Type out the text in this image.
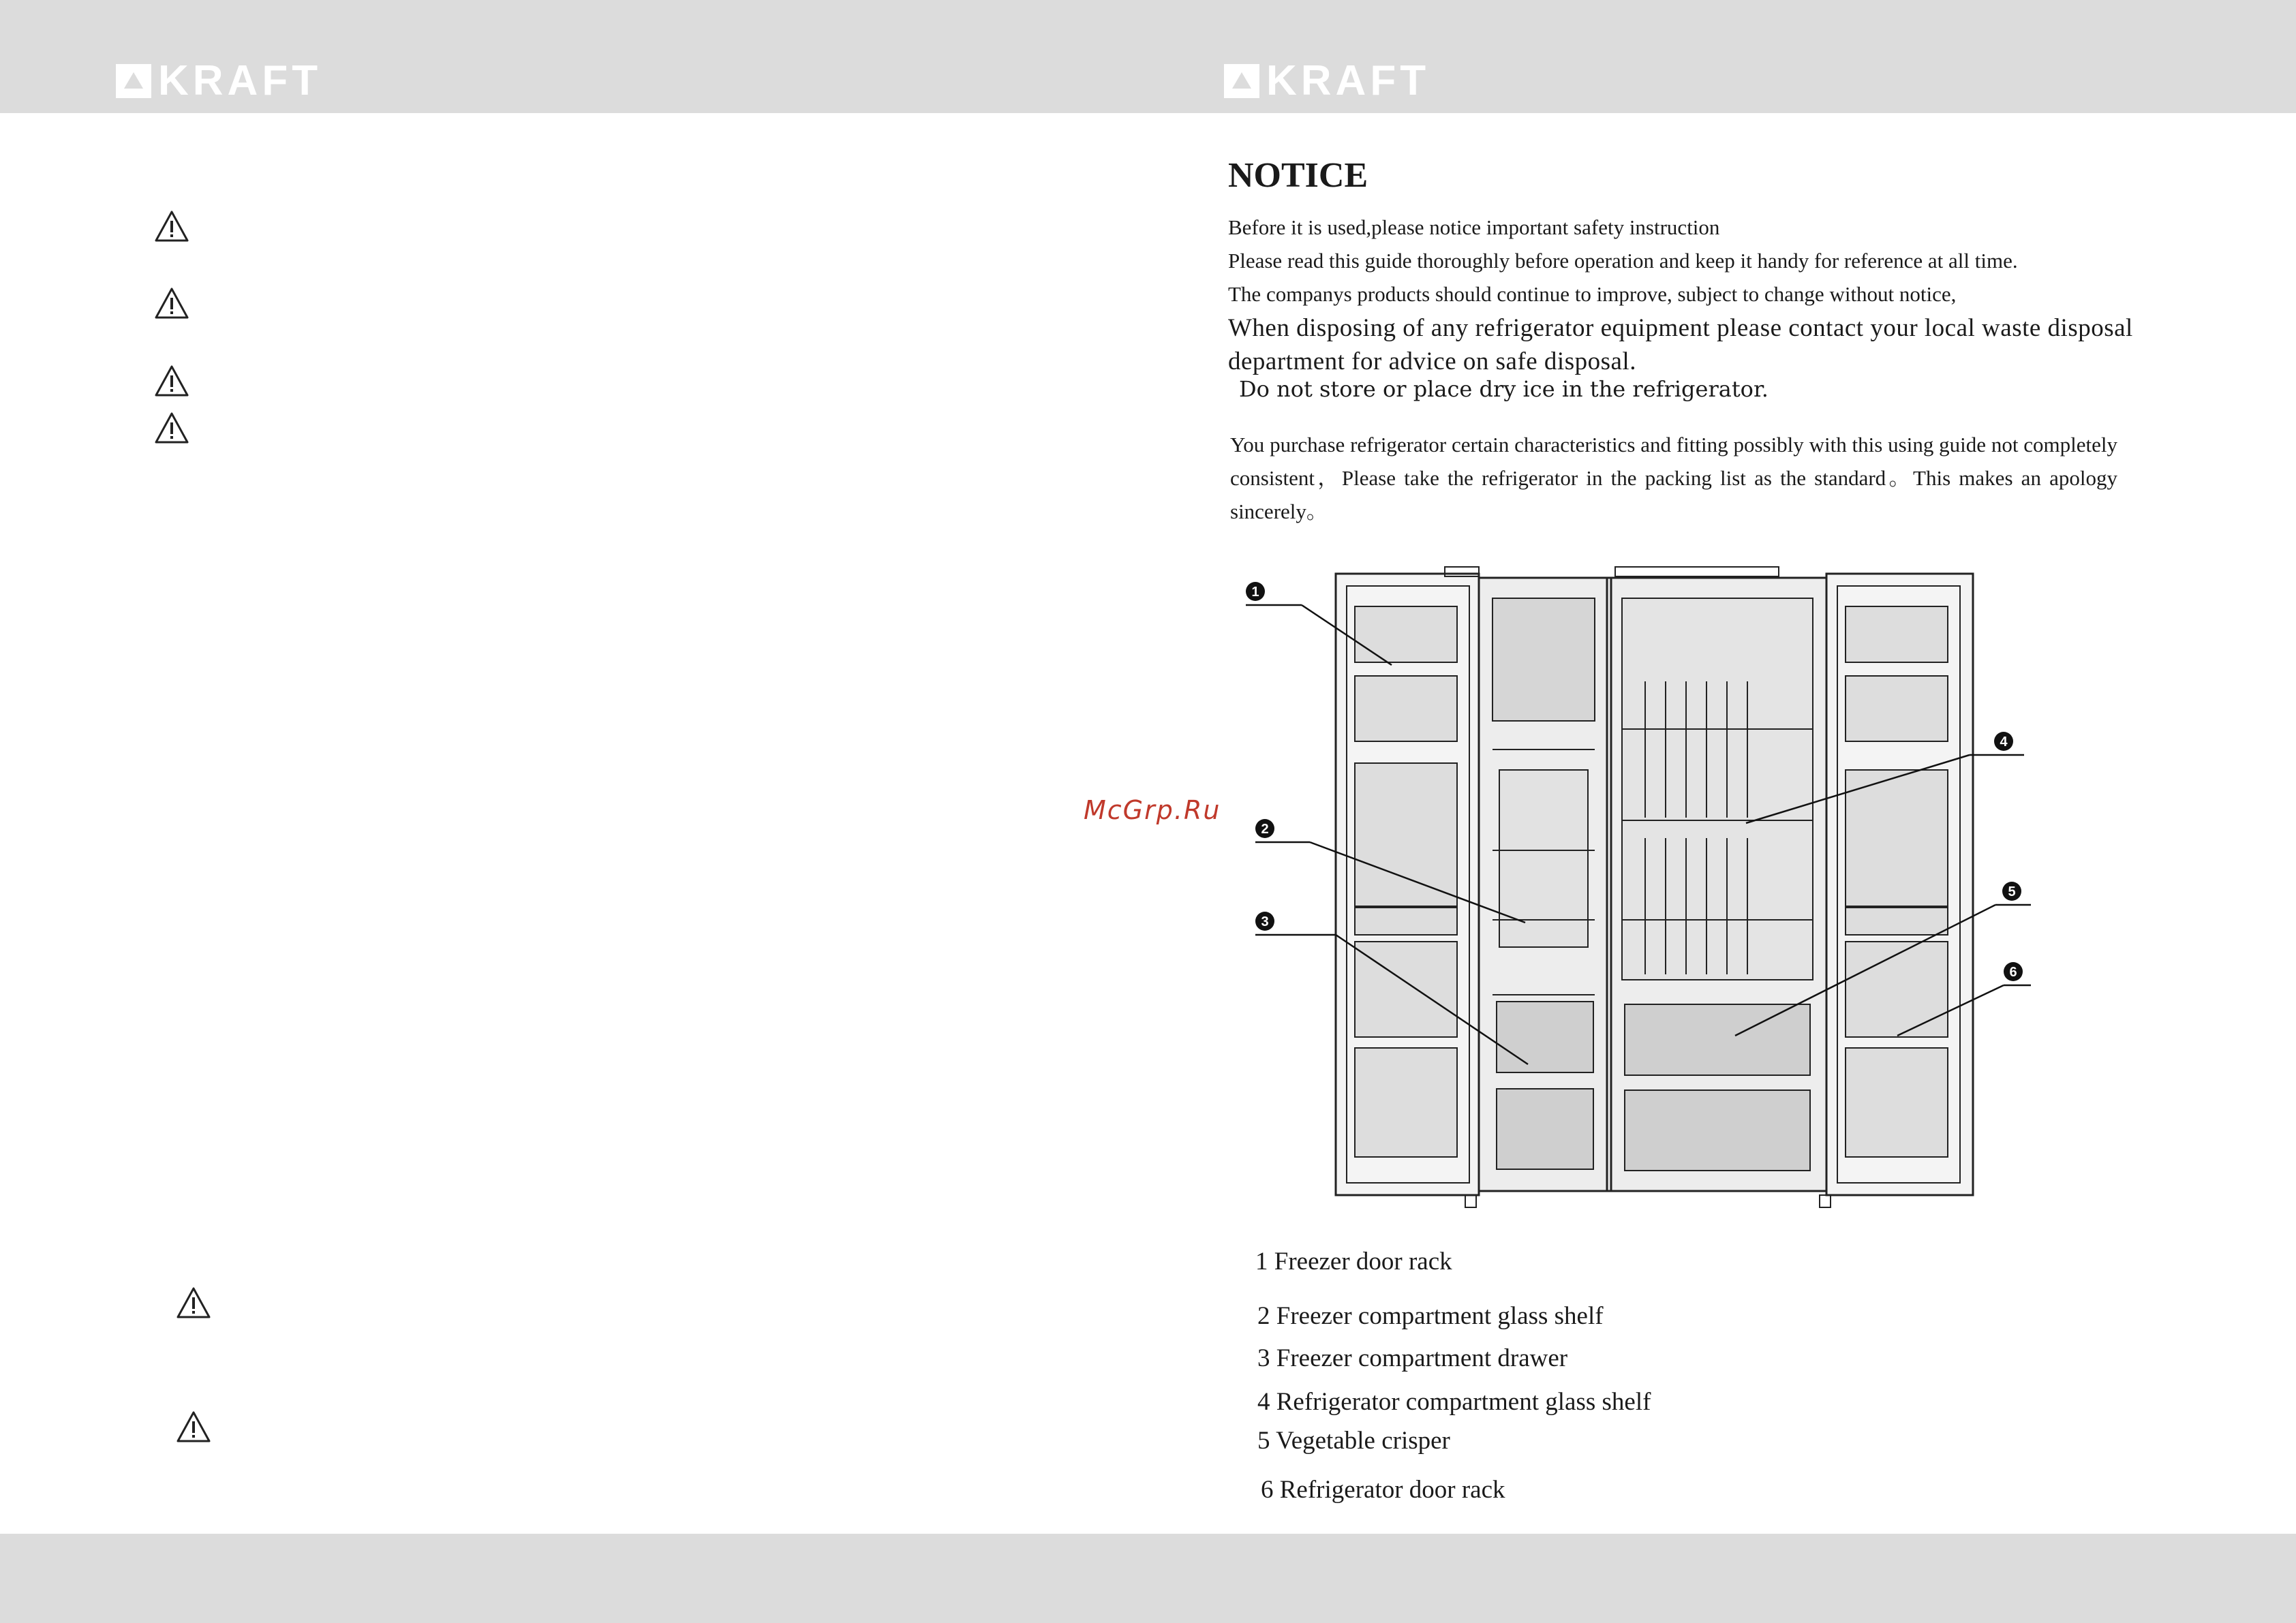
KRAFT	KRAFT
McGrp.Ru
NOTICE
Before it is used,please notice important safety instruction
Please read this guide thoroughly before operation and keep it handy for reference at all time.
The companys products should continue to improve, subject to change without notice,
When disposing of any refrigerator equipment please contact your local waste disposal
department for advice on safe disposal.
Do not store or place dry ice in the refrigerator.
You purchase refrigerator certain characteristics and fitting possibly with this using guide not completely consistent，Please take the refrigerator in the packing list as the standard。This makes an apology sincerely。
1
2
3
4
5
6
1 Freezer door rack
2 Freezer compartment glass shelf
3 Freezer compartment drawer
4 Refrigerator compartment glass shelf
5 Vegetable crisper
6 Refrigerator door rack
